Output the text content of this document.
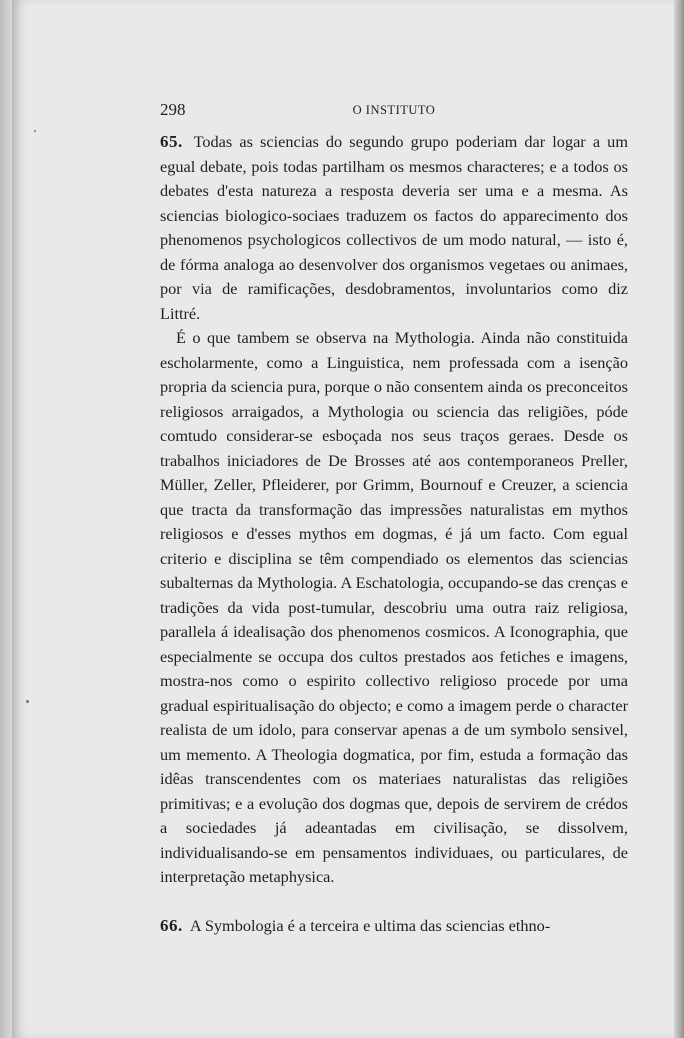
298	O INSTITUTO

65. Todas as sciencias do segundo grupo poderiam dar logar a um egual debate, pois todas partilham os mesmos characteres; e a todos os debates d'esta natureza a resposta deveria ser uma e a mesma. As sciencias biologico-sociaes traduzem os factos do apparecimento dos phenomenos psychologicos collectivos de um modo natural, — isto é, de fórma analoga ao desenvolver dos organismos vegetaes ou animaes, por via de ramificações, desdobramentos, involuntarios como diz Littré.

É o que tambem se observa na Mythologia. Ainda não constituida escholarmente, como a Linguistica, nem professada com a isenção propria da sciencia pura, porque o não consentem ainda os preconceitos religiosos arraigados, a Mythologia ou sciencia das religiões, póde comtudo considerar-se esboçada nos seus traços geraes. Desde os trabalhos iniciadores de De Brosses até aos contemporaneos Preller, Müller, Zeller, Pfleiderer, por Grimm, Bournouf e Creuzer, a sciencia que tracta da transformação das impressões naturalistas em mythos religiosos e d'esses mythos em dogmas, é já um facto. Com egual criterio e disciplina se têm compendiado os elementos das sciencias subalternas da Mythologia. A Eschatologia, occupando-se das crenças e tradições da vida post-tumular, descobriu uma outra raiz religiosa, parallela á idealisação dos phenomenos cosmicos. A Iconographia, que especialmente se occupa dos cultos prestados aos fetiches e imagens, mostra-nos como o espirito collectivo religioso procede por uma gradual espiritualisação do objecto; e como a imagem perde o character realista de um idolo, para conservar apenas a de um symbolo sensivel, um memento. A Theologia dogmatica, por fim, estuda a formação das idêas transcendentes com os materiaes naturalistas das religiões primitivas; e a evolução dos dogmas que, depois de servirem de crédos a sociedades já adeantadas em civilisação, se dissolvem, individualisando-se em pensamentos individuaes, ou particulares, de interpretação metaphysica.

66. A Symbologia é a terceira e ultima das sciencias ethno-
